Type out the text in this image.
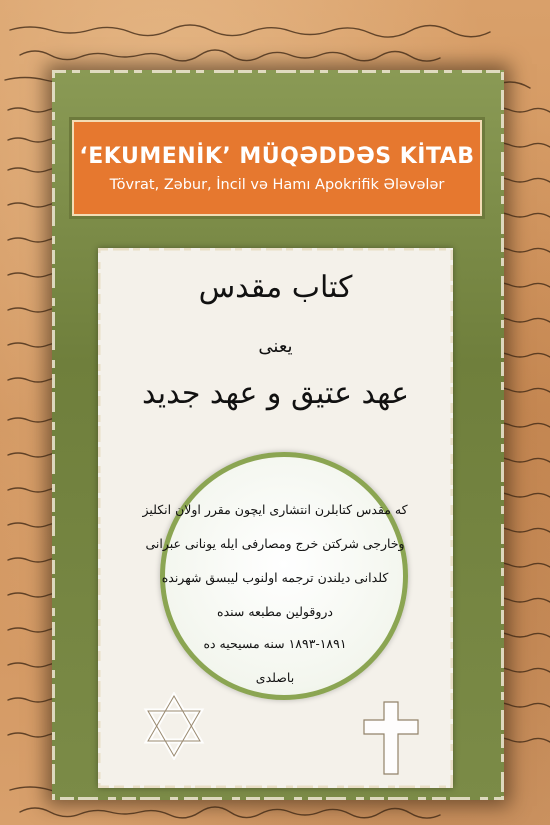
‘EKUMENİK’ MÜQƏDDƏS KİTAB
Tövrat, Zəbur, İncil və Hamı Apokrifik Ələvələr
كتاب مقدس
يعنى
عهد عتيق و عهد جديد
كه مقدس كتابلرن انتشاری ايچون مقرر اولان انكليز
وخارجى شركتن خرج ومصارفی ايله يونانى عبرانى
كلدانى ديلندن ترجمه اولنوب ليبسق شهرنده
دروقولين مطبعه سنده
١٨٩١-١٨٩٣ سنه مسيحيه ده
باصلدى
